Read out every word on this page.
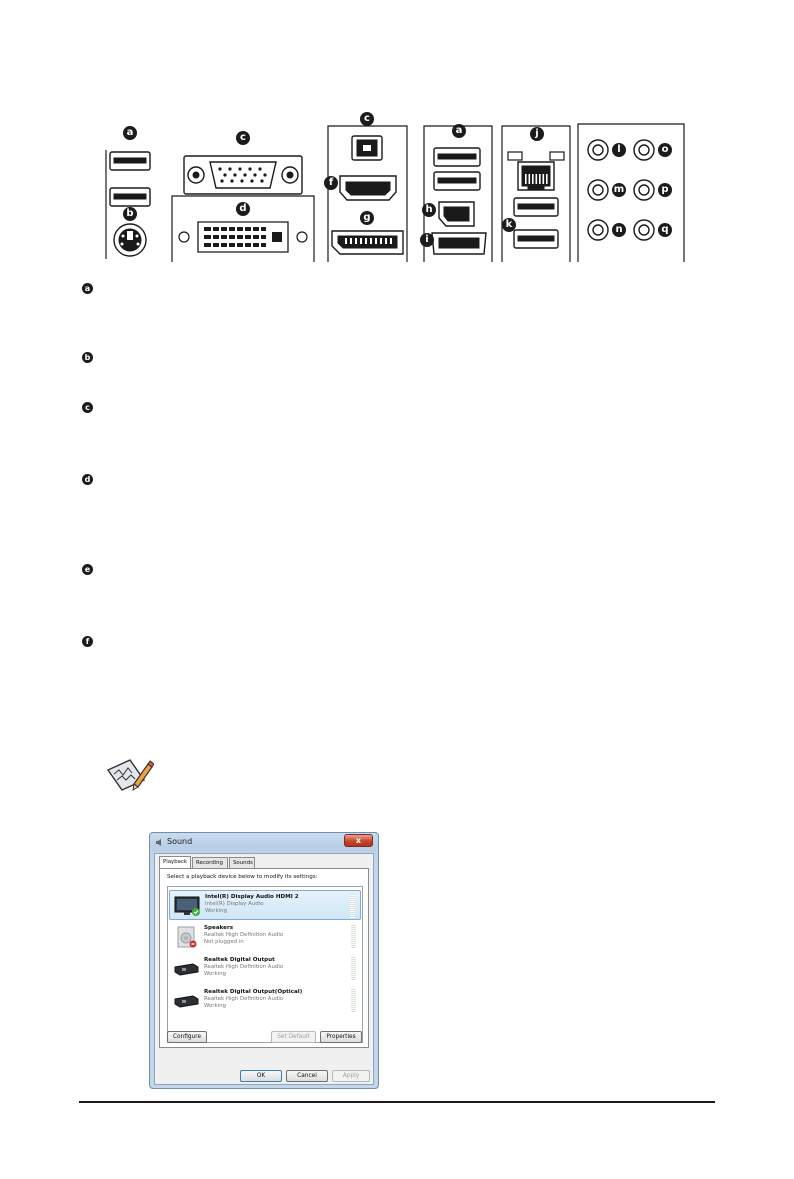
a
b
c
d
c
f
g
a
h
i
j
k
l
m
n
o
p
q
a
b
c
d
e
f
Sound	x
Playback	Recording	Sounds
Select a playback device below to modify its settings:
Intel(R) Display Audio HDMI 2
Intel(R) Display Audio
Working
Speakers
Realtek High Definition Audio
Not plugged in
Realtek Digital Output
Realtek High Definition Audio
Working
Realtek Digital Output(Optical)
Realtek High Definition Audio
Working
Configure	Set Default	Properties
OK	Cancel	Apply
